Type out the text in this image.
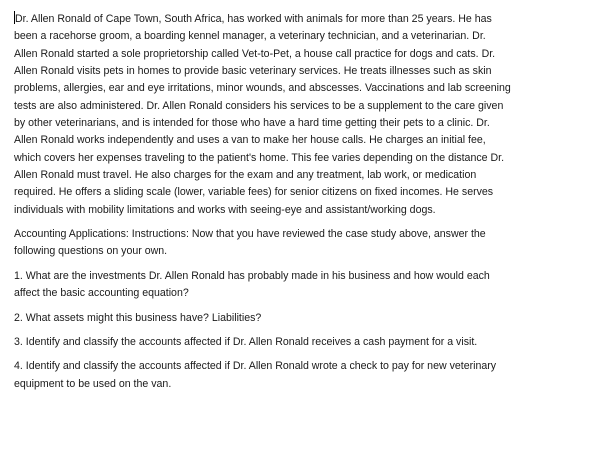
Dr. Allen Ronald of Cape Town, South Africa, has worked with animals for more than 25 years. He has
been a racehorse groom, a boarding kennel manager, a veterinary technician, and a veterinarian. Dr.
Allen Ronald started a sole proprietorship called Vet-to-Pet, a house call practice for dogs and cats. Dr.
Allen Ronald visits pets in homes to provide basic veterinary services. He treats illnesses such as skin
problems, allergies, ear and eye irritations, minor wounds, and abscesses. Vaccinations and lab screening
tests are also administered. Dr. Allen Ronald considers his services to be a supplement to the care given
by other veterinarians, and is intended for those who have a hard time getting their pets to a clinic. Dr.
Allen Ronald works independently and uses a van to make her house calls. He charges an initial fee,
which covers her expenses traveling to the patient's home. This fee varies depending on the distance Dr.
Allen Ronald must travel. He also charges for the exam and any treatment, lab work, or medication
required. He offers a sliding scale (lower, variable fees) for senior citizens on fixed incomes. He serves
individuals with mobility limitations and works with seeing-eye and assistant/working dogs.

Accounting Applications: Instructions: Now that you have reviewed the case study above, answer the
following questions on your own.

1. What are the investments Dr. Allen Ronald has probably made in his business and how would each
affect the basic accounting equation?

2. What assets might this business have? Liabilities?

3. Identify and classify the accounts affected if Dr. Allen Ronald receives a cash payment for a visit.

4. Identify and classify the accounts affected if Dr. Allen Ronald wrote a check to pay for new veterinary
equipment to be used on the van.
